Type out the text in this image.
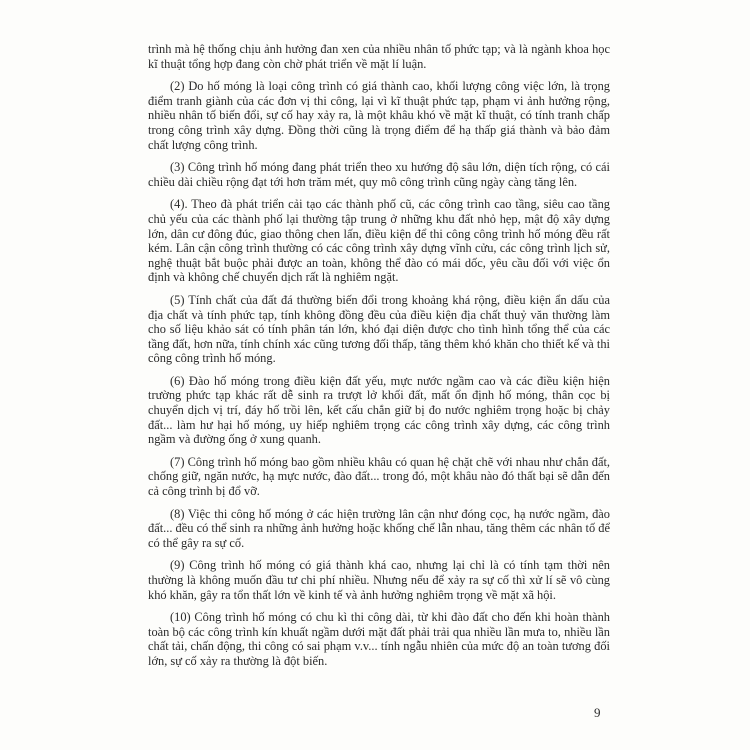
trình mà hệ thống chịu ảnh hưởng đan xen của nhiều nhân tố phức tạp; và là ngành khoa học kĩ thuật tổng hợp đang còn chờ phát triển về mặt lí luận.

(2) Do hố móng là loại công trình có giá thành cao, khối lượng công việc lớn, là trọng điểm tranh giành của các đơn vị thi công, lại vì kĩ thuật phức tạp, phạm vi ảnh hưởng rộng, nhiều nhân tố biến đổi, sự cố hay xảy ra, là một khâu khó về mặt kĩ thuật, có tính tranh chấp trong công trình xây dựng. Đồng thời cũng là trọng điểm để hạ thấp giá thành và bảo đảm chất lượng công trình.

(3) Công trình hố móng đang phát triển theo xu hướng độ sâu lớn, diện tích rộng, có cái chiều dài chiều rộng đạt tới hơn trăm mét, quy mô công trình cũng ngày càng tăng lên.

(4). Theo đà phát triển cải tạo các thành phố cũ, các công trình cao tầng, siêu cao tầng chủ yếu của các thành phố lại thường tập trung ở những khu đất nhỏ hẹp, mật độ xây dựng lớn, dân cư đông đúc, giao thông chen lấn, điều kiện để thi công công trình hố móng đều rất kém. Lân cận công trình thường có các công trình xây dựng vĩnh cửu, các công trình lịch sử, nghệ thuật bắt buộc phải được an toàn, không thể đào có mái dốc, yêu cầu đối với việc ổn định và không chế chuyển dịch rất là nghiêm ngặt.

(5) Tính chất của đất đá thường biến đổi trong khoảng khá rộng, điều kiện ẩn dấu của địa chất và tính phức tạp, tính không đồng đều của điều kiện địa chất thuỷ văn thường làm cho số liệu khảo sát có tính phân tán lớn, khó đại diện được cho tình hình tổng thể của các tầng đất, hơn nữa, tính chính xác cũng tương đối thấp, tăng thêm khó khăn cho thiết kế và thi công công trình hố móng.

(6) Đào hố móng trong điều kiện đất yếu, mực nước ngầm cao và các điều kiện hiện trường phức tạp khác rất dễ sinh ra trượt lở khối đất, mất ổn định hố móng, thân cọc bị chuyển dịch vị trí, đáy hố trồi lên, kết cấu chắn giữ bị đo nước nghiêm trọng hoặc bị chảy đất... làm hư hại hố móng, uy hiếp nghiêm trọng các công trình xây dựng, các công trình ngầm và đường ống ở xung quanh.

(7) Công trình hố móng bao gồm nhiều khâu có quan hệ chặt chẽ với nhau như chắn đất, chống giữ, ngăn nước, hạ mực nước, đào đất... trong đó, một khâu nào đó thất bại sẽ dẫn đến cả công trình bị đổ vỡ.

(8) Việc thi công hố móng ở các hiện trường lân cận như đóng cọc, hạ nước ngầm, đào đất... đều có thể sinh ra những ảnh hưởng hoặc khống chế lẫn nhau, tăng thêm các nhân tố để có thể gây ra sự cố.

(9) Công trình hố móng có giá thành khá cao, nhưng lại chỉ là có tính tạm thời nên thường là không muốn đầu tư chi phí nhiều. Nhưng nếu để xảy ra sự cố thì xử lí sẽ vô cùng khó khăn, gây ra tổn thất lớn về kinh tế và ảnh hưởng nghiêm trọng về mặt xã hội.

(10) Công trình hố móng có chu kì thi công dài, từ khi đào đất cho đến khi hoàn thành toàn bộ các công trình kín khuất ngầm dưới mặt đất phải trải qua nhiều lần mưa to, nhiều lần chất tải, chấn động, thi công có sai phạm v.v... tính ngẫu nhiên của mức độ an toàn tương đối lớn, sự cố xảy ra thường là đột biến.

9
